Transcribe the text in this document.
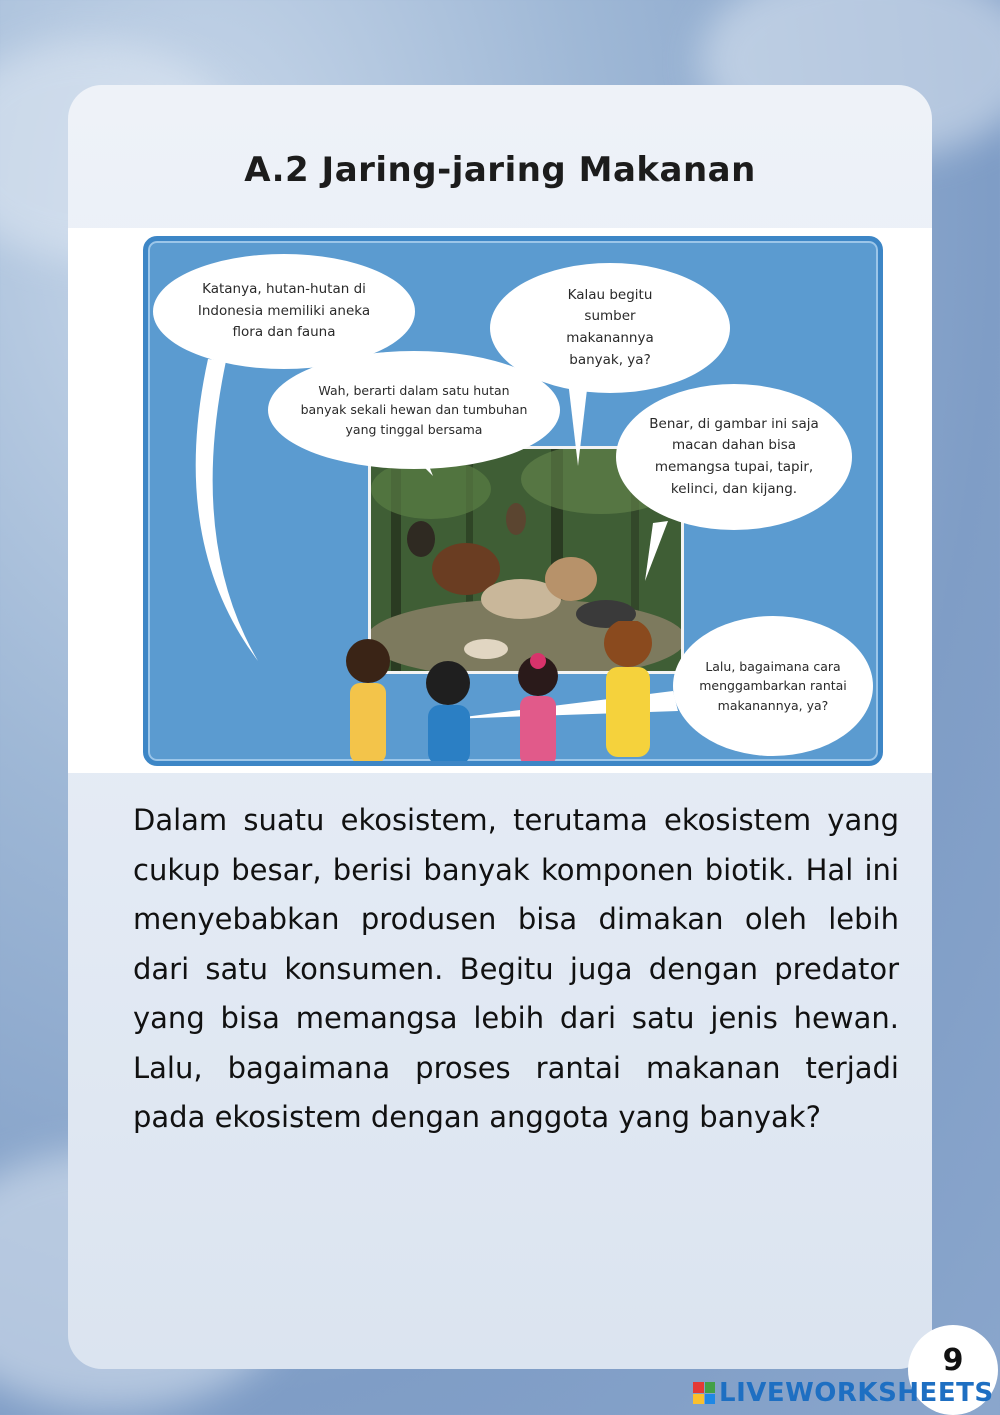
A.2 Jaring-jaring Makanan
Katanya, hutan-hutan di Indonesia memiliki aneka flora dan fauna
Wah, berarti dalam satu hutan banyak sekali hewan dan tumbuhan yang tinggal bersama
Kalau begitu sumber makanannya banyak, ya?
Benar, di gambar ini saja macan dahan bisa memangsa tupai, tapir, kelinci, dan kijang.
Lalu, bagaimana cara menggambarkan rantai makanannya, ya?
Dalam suatu ekosistem, terutama ekosistem yang cukup besar, berisi banyak komponen biotik. Hal ini menyebabkan produsen bisa dimakan oleh lebih dari satu konsumen. Begitu juga dengan predator yang bisa memangsa lebih dari satu jenis hewan. Lalu, bagaimana proses rantai makanan terjadi pada ekosistem dengan anggota yang banyak?
9
LIVEWORKSHEETS
